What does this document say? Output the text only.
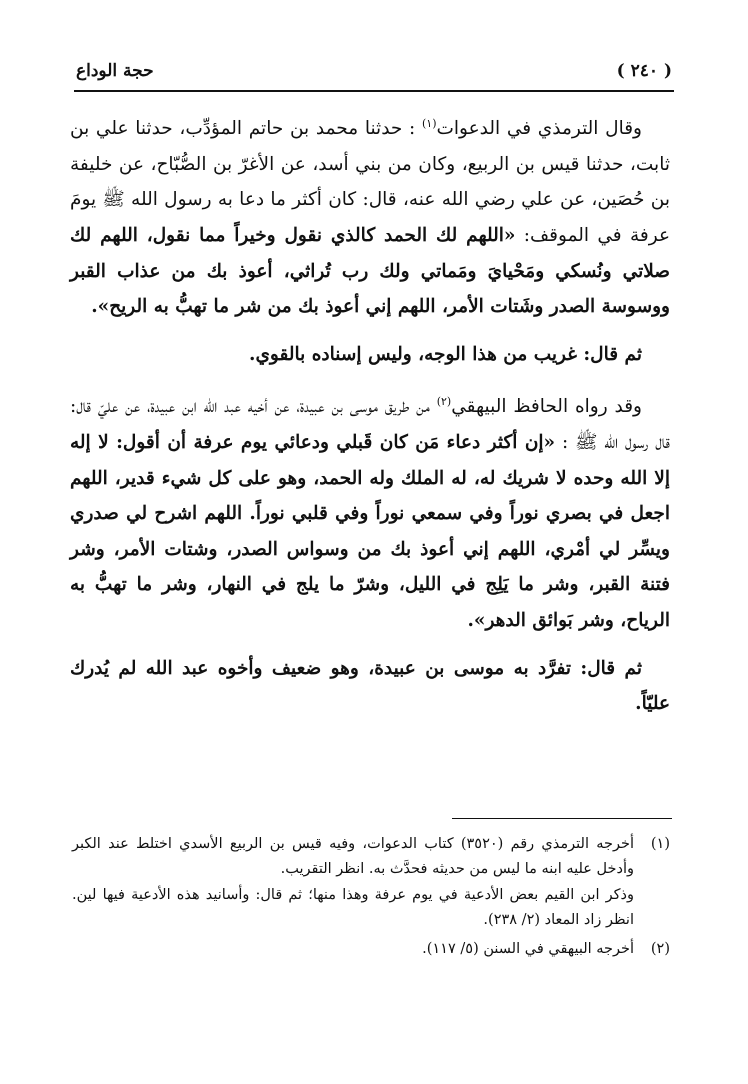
( ٢٤٠ )
حجة الوداع

وقال الترمذي في الدعوات$^{(١)}$ : حدثنا محمد بن حاتم المؤدِّب، حدثنا علي بن ثابت، حدثنا قيس بن الربيع، وكان من بني أسد، عن الأغرّ بن الصُّبّاح، عن خليفة بن حُصَين، عن علي رضي الله عنه، قال: كان أكثر ما دعا به رسول الله ﷺ يومَ عرفة في الموقف: «اللهم لك الحمد كالذي نقول وخيراً مما نقول، اللهم لك صلاتي ونُسكي ومَحْيايَ ومَماتي ولك رب تُراثي، أعوذ بك من عذاب القبر ووسوسة الصدر وشَتات الأمر، اللهم إني أعوذ بك من شر ما تهبُّ به الريح».

ثم قال: غريب من هذا الوجه، وليس إسناده بالقوي.

وقد رواه الحافظ البيهقي$^{(٢)}$ من طريق موسى بن عبيدة، عن أخيه عبد الله ابن عبيدة، عن عليّ قال: قال رسول الله ﷺ : «إن أكثر دعاء مَن كان قَبلي ودعائي يوم عرفة أن أقول: لا إله إلا الله وحده لا شريك له، له الملك وله الحمد، وهو على كل شيء قدير، اللهم اجعل في بصري نوراً وفي سمعي نوراً وفي قلبي نوراً. اللهم اشرح لي صدري ويسِّر لي أمْري، اللهم إني أعوذ بك من وسواس الصدر، وشتات الأمر، وشر فتنة القبر، وشر ما يَلِج في الليل، وشرّ ما يلج في النهار، وشر ما تهبُّ به الرياح، وشر بَوائق الدهر».

ثم قال: تفرَّد به موسى بن عبيدة، وهو ضعيف وأخوه عبد الله لم يُدرك عليّاً.

(١)
أخرجه الترمذي رقم (٣٥٢٠) كتاب الدعوات، وفيه قيس بن الربيع الأسدي اختلط عند الكبر وأدخل عليه ابنه ما ليس من حديثه فحدَّث به. انظر التقريب.
وذكر ابن القيم بعض الأدعية في يوم عرفة وهذا منها؛ ثم قال: وأسانيد هذه الأدعية فيها لين. انظر زاد المعاد (٢/ ٢٣٨).
(٢)
أخرجه البيهقي في السنن (٥/ ١١٧).
